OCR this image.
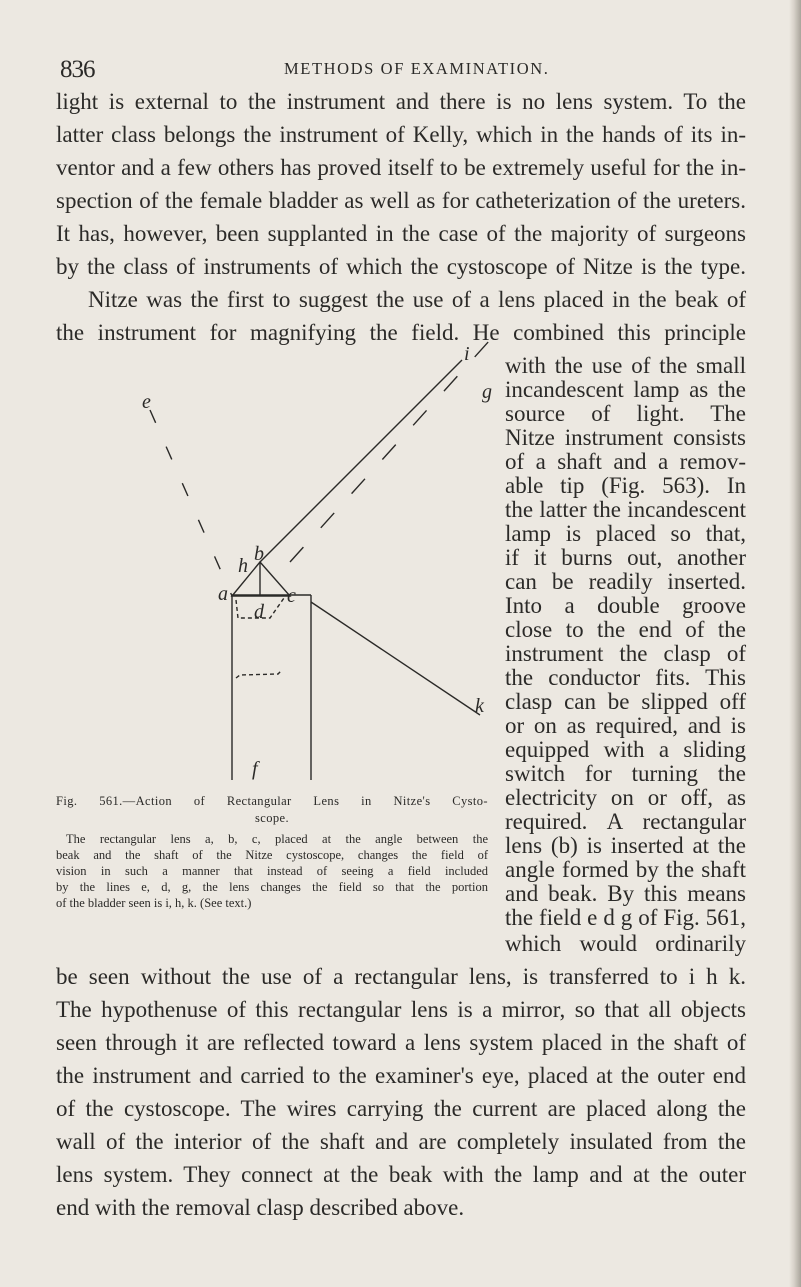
836	METHODS OF EXAMINATION.
light is external to the instrument and there is no lens system. To the
latter class belongs the instrument of Kelly, which in the hands of its in-
ventor and a few others has proved itself to be extremely useful for the in-
spection of the female bladder as well as for catheterization of the ureters.
It has, however, been supplanted in the case of the majority of surgeons
by the class of instruments of which the cystoscope of Nitze is the type.
Nitze was the first to suggest the use of a lens placed in the beak of
the instrument for magnifying the field. He combined this principle
with the use of the small
incandescent lamp as the
source of light. The
Nitze instrument consists
of a shaft and a remov-
able tip (Fig. 563). In
the latter the incandescent
lamp is placed so that,
if it burns out, another
can be readily inserted.
Into a double groove
close to the end of the
instrument the clasp of
the conductor fits. This
clasp can be slipped off
or on as required, and is
equipped with a sliding
switch for turning the
electricity on or off, as
required. A rectangular
lens (b) is inserted at the
angle formed by the shaft
and beak. By this means
the field e d g of Fig. 561,
i
g
e
b
h
a	c
d
k
f
Fig. 561.—Action of Rectangular Lens in Nitze's Cysto-
scope.
The rectangular lens a, b, c, placed at the angle between the
beak and the shaft of the Nitze cystoscope, changes the field of
vision in such a manner that instead of seeing a field included
by the lines e, d, g, the lens changes the field so that the portion
of the bladder seen is i, h, k. (See text.)
which would ordinarily
be seen without the use of a rectangular lens, is transferred to i h k.
The hypothenuse of this rectangular lens is a mirror, so that all objects
seen through it are reflected toward a lens system placed in the shaft of
the instrument and carried to the examiner's eye, placed at the outer end
of the cystoscope. The wires carrying the current are placed along the
wall of the interior of the shaft and are completely insulated from the
lens system. They connect at the beak with the lamp and at the outer
end with the removal clasp described above.
